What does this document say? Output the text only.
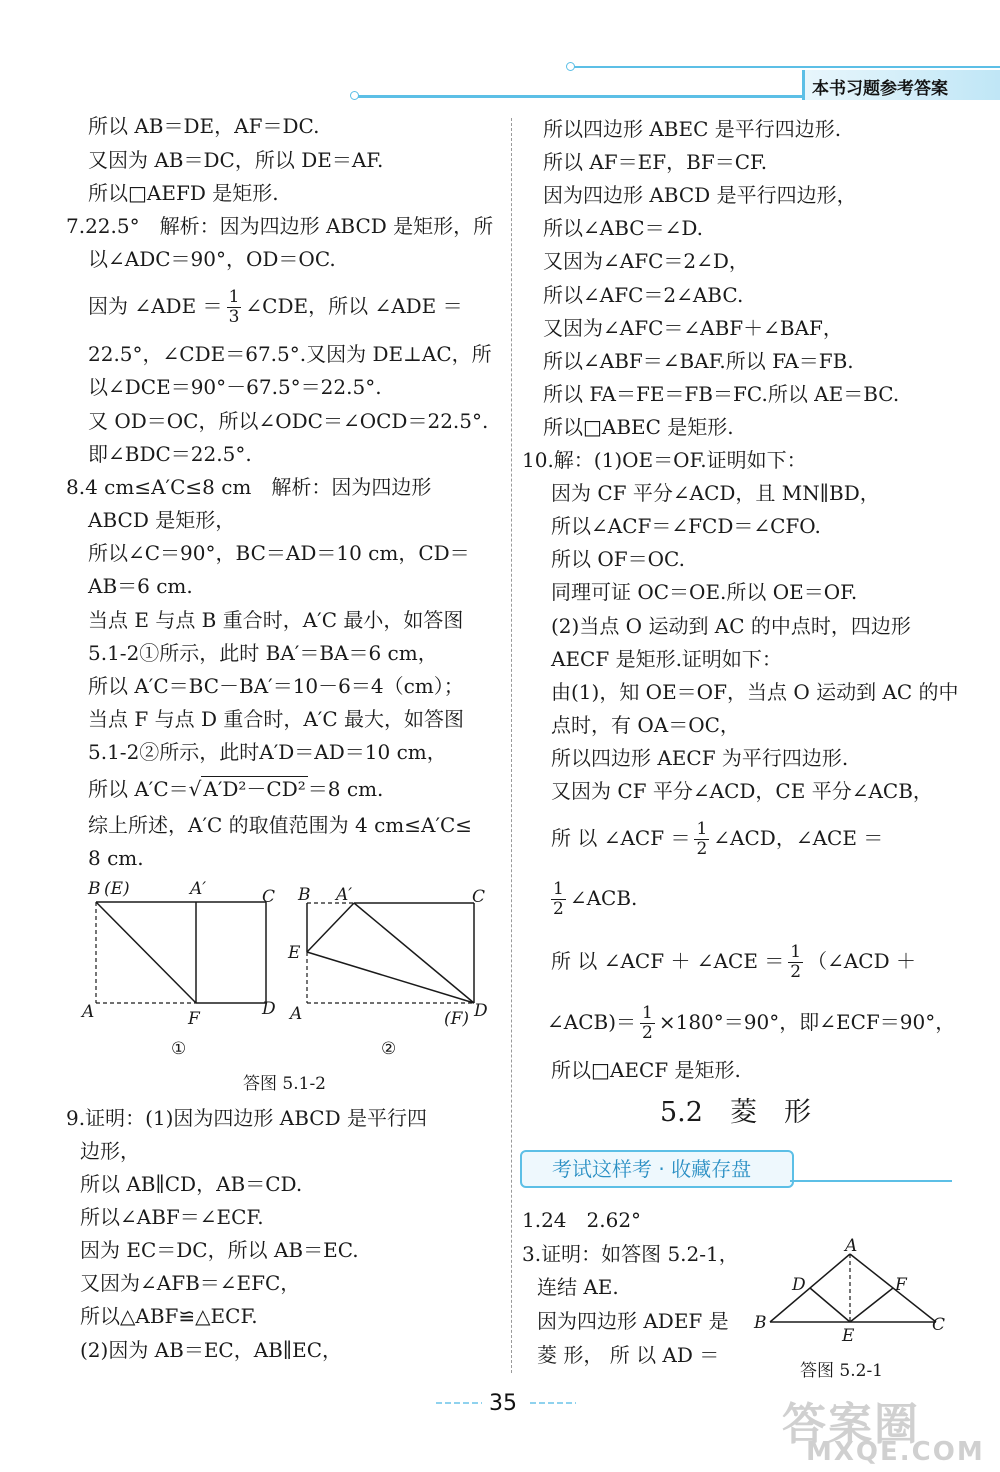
本书习题参考答案
所以 AB＝DE，AF＝DC.
又因为 AB＝DC，所以 DE＝AF.
所以□AEFD 是矩形.
7.22.5°　解析：因为四边形 ABCD 是矩形，所
以∠ADC＝90°，OD＝OC.
因为 ∠ADE ＝ $\frac{1}{3}$ ∠CDE，所以 ∠ADE ＝
22.5°，∠CDE＝67.5°.又因为 DE⊥AC，所
以∠DCE＝90°－67.5°＝22.5°.
又 OD＝OC，所以∠ODC＝∠OCD＝22.5°.
即∠BDC＝22.5°.
8.4 cm≤A′C≤8 cm　解析：因为四边形
ABCD 是矩形，
所以∠C＝90°，BC＝AD＝10 cm，CD＝
AB＝6 cm.
当点 E 与点 B 重合时，A′C 最小，如答图
5.1-2①所示，此时 BA′＝BA＝6 cm，
所以 A′C＝BC－BA′＝10－6＝4（cm）；
当点 F 与点 D 重合时，A′C 最大，如答图
5.1-2②所示，此时A′D＝AD＝10 cm，
所以 A′C＝√ A′D²－CD² ＝8 cm.
综上所述，A′C 的取值范围为 4 cm≤A′C≤
8 cm.
B (E)	A′	C
A	F	D
①
B A′	C
E
A	(F) D
②
答图 5.1-2
9.证明：(1)因为四边形 ABCD 是平行四
边形，
所以 AB∥CD，AB＝CD.
所以∠ABF＝∠ECF.
因为 EC＝DC，所以 AB＝EC.
又因为∠AFB＝∠EFC，
所以△ABF≌△ECF.
(2)因为 AB＝EC，AB∥EC，
所以四边形 ABEC 是平行四边形.
所以 AF＝EF，BF＝CF.
因为四边形 ABCD 是平行四边形，
所以∠ABC＝∠D.
又因为∠AFC＝2∠D，
所以∠AFC＝2∠ABC.
又因为∠AFC＝∠ABF＋∠BAF，
所以∠ABF＝∠BAF.所以 FA＝FB.
所以 FA＝FE＝FB＝FC.所以 AE＝BC.
所以□ABEC 是矩形.
10.解：(1)OE＝OF.证明如下：
因为 CF 平分∠ACD，且 MN∥BD，
所以∠ACF＝∠FCD＝∠CFO.
所以 OF＝OC.
同理可证 OC＝OE.所以 OE＝OF.
(2)当点 O 运动到 AC 的中点时，四边形
AECF 是矩形.证明如下：
由(1)，知 OE＝OF，当点 O 运动到 AC 的中
点时，有 OA＝OC，
所以四边形 AECF 为平行四边形.
又因为 CF 平分∠ACD，CE 平分∠ACB，
所 以 ∠ACF ＝ $\frac{1}{2}$ ∠ACD，∠ACE ＝
$\frac{1}{2}$ ∠ACB.
所 以 ∠ACF ＋ ∠ACE ＝ $\frac{1}{2}$ （∠ACD ＋
∠ACB)＝ $\frac{1}{2} \times 180^\circ=90^\circ$，即∠ECF＝90°，
所以□AECF 是矩形.
5.2　菱　形
考试这样考 · 收藏存盘
1.24　2.62°
3.证明：如答图 5.2-1，
连结 AE.
因为四边形 ADEF 是
菱 形， 所 以 AD ＝
A
D	F
B
E
C
答图 5.2-1
35	答案圈
MXQE.COM
